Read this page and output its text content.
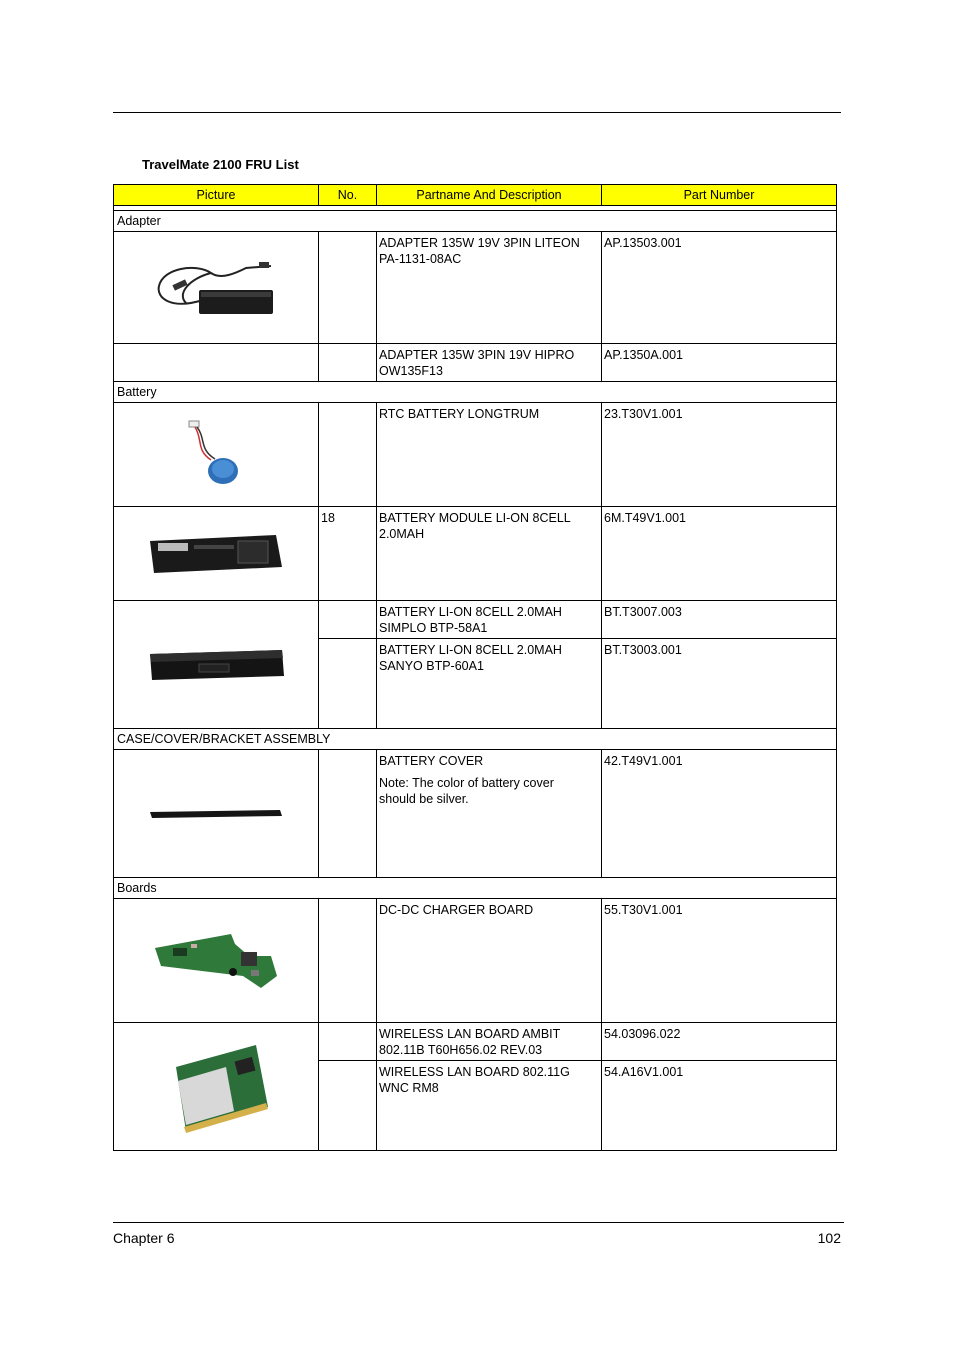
TravelMate 2100 FRU List
Picture	No.	Partname And Description	Part Number

Adapter			

ADAPTER 135W 19V 3PIN LITEON
PA-1131-08AC	AP.13503.001

		ADAPTER 135W 3PIN 19V HIPRO
OW135F13	AP.1350A.001
Battery			

RTC BATTERY LONGTRUM	23.T30V1.001

	18	BATTERY MODULE LI-ON 8CELL
2.0MAH	6M.T49V1.001

BATTERY LI-ON 8CELL 2.0MAH
SIMPLO BTP-58A1	BT.T3007.003

		BATTERY LI-ON 8CELL 2.0MAH
SANYO BTP-60A1	BT.T3003.001
CASE/COVER/BRACKET ASSEMBLY			

BATTERY COVER
Note: The color of battery cover
should be silver.	42.T49V1.001
Boards			

DC-DC CHARGER BOARD	55.T30V1.001

WIRELESS LAN BOARD AMBIT
802.11B T60H656.02 REV.03	54.03096.022

		WIRELESS LAN BOARD 802.11G
WNC RM8	54.A16V1.001
Chapter 6	102
